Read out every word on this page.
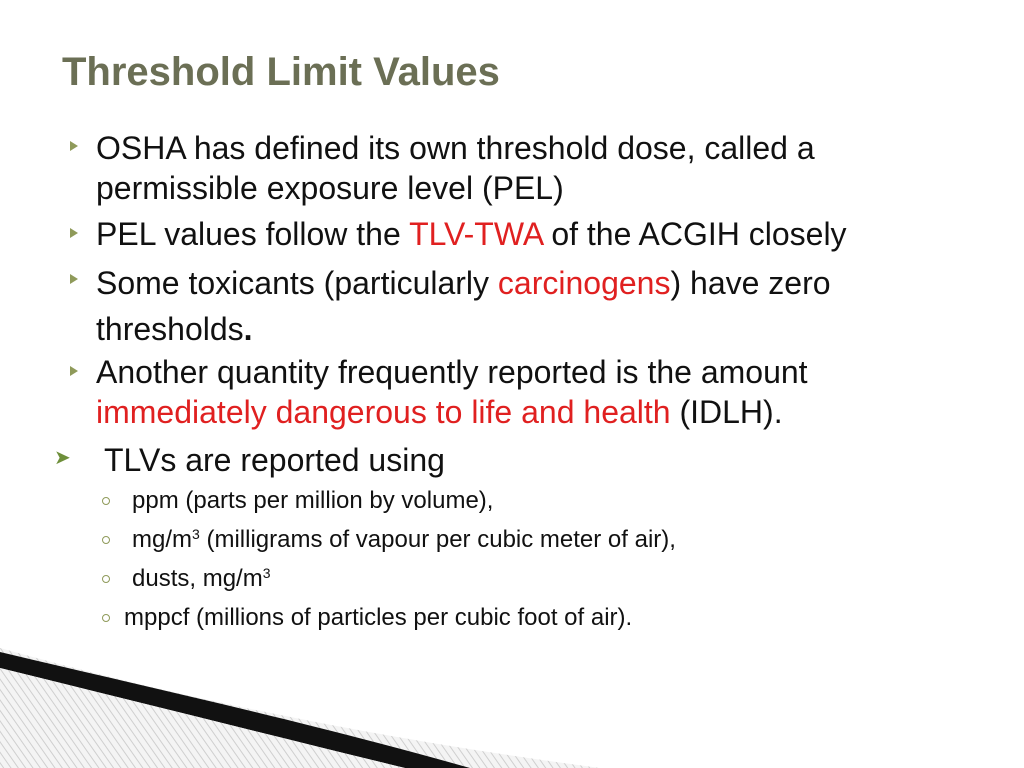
Threshold Limit Values

OSHA has defined its own threshold dose, called a
permissible exposure level (PEL)

PEL values follow the TLV-TWA of the ACGIH closely

Some toxicants (particularly carcinogens) have zero
thresholds.

Another quantity frequently reported is the amount
immediately dangerous to life and health (IDLH).

➤ TLVs are reported using

ppm (parts per million by volume),

$mg/m^3$ (milligrams of vapour per cubic meter of air),

dusts, $mg/m^3$

mppcf (millions of particles per cubic foot of air).
